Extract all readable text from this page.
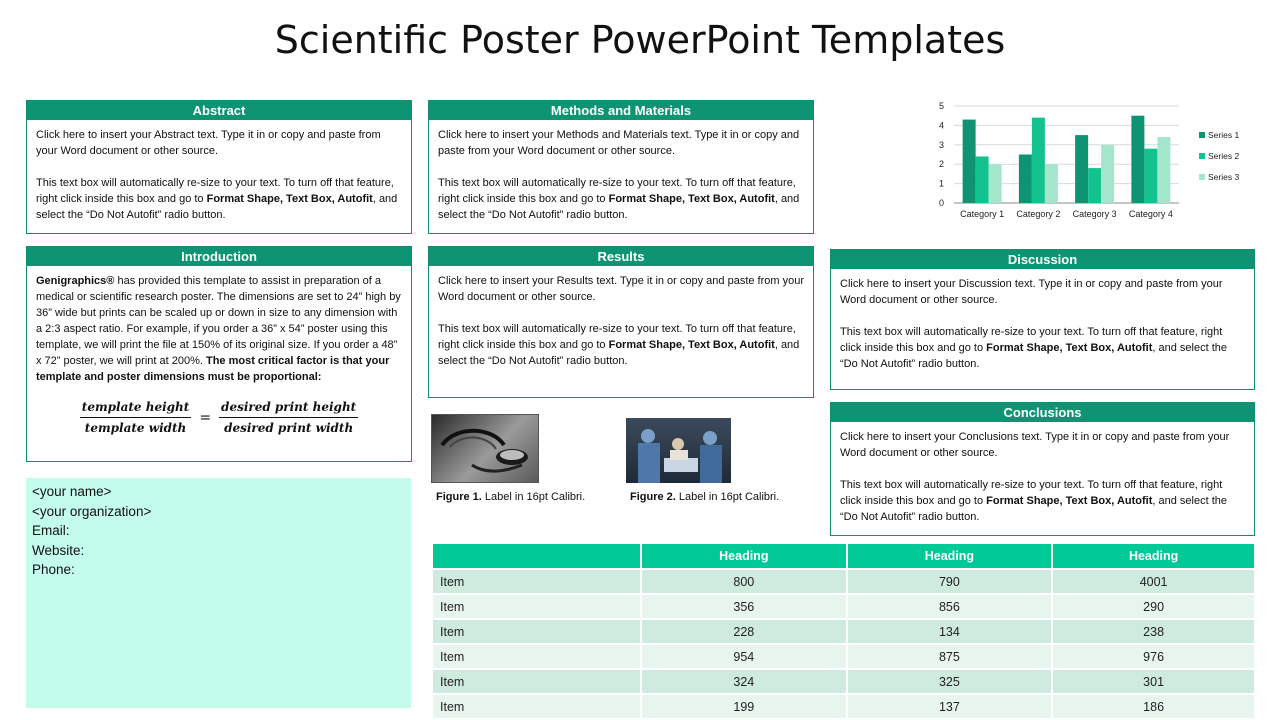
Scientific Poster PowerPoint Templates
Abstract

Click here to insert your Abstract text. Type it in or copy and paste from your Word document or other source.

This text box will automatically re-size to your text. To turn off that feature, right click inside this box and go to Format Shape, Text Box, Autofit, and select the “Do Not Autofit” radio button.

Methods and Materials

Click here to insert your Methods and Materials text. Type it in or copy and paste from your Word document or other source.

This text box will automatically re-size to your text. To turn off that feature, right click inside this box and go to Format Shape, Text Box, Autofit, and select the “Do Not Autofit” radio button.

0
1
2
3
4
5
Category 1 Category 2 Category 3 Category 4
Series 1
Series 2
Series 3
Introduction

Genigraphics® has provided this template to assist in preparation of a medical or scientific research poster. The dimensions are set to 24” high by 36” wide but prints can be scaled up or down in size to any dimension with a 2:3 aspect ratio. For example, if you order a 36” x 54” poster using this template, we will print the file at 150% of its original size. If you order a 48” x 72” poster, we will print at 200%. The most critical factor is that your template and poster dimensions must be proportional:

$\frac{\text{template height}}{\text{template width}} = \frac{\text{desired print height}}{\text{desired print width}}$
Results

Click here to insert your Results text. Type it in or copy and paste from your Word document or other source.

This text box will automatically re-size to your text. To turn off that feature, right click inside this box and go to Format Shape, Text Box, Autofit, and select the “Do Not Autofit” radio button.

Discussion

Click here to insert your Discussion text. Type it in or copy and paste from your Word document or other source.

This text box will automatically re-size to your text. To turn off that feature, right click inside this box and go to Format Shape, Text Box, Autofit, and select the “Do Not Autofit” radio button.

Conclusions

Click here to insert your Conclusions text. Type it in or copy and paste from your Word document or other source.

This text box will automatically re-size to your text. To turn off that feature, right click inside this box and go to Format Shape, Text Box, Autofit, and select the “Do Not Autofit” radio button.

Figure 1. Label in 16pt Calibri.	Figure 2. Label in 16pt Calibri.
<your name>
<your organization>
Email:
Website:
Phone:
	Heading	Heading	Heading
Item	800	790	4001
Item	356	856	290
Item	228	134	238
Item	954	875	976
Item	324	325	301
Item	199	137	186
